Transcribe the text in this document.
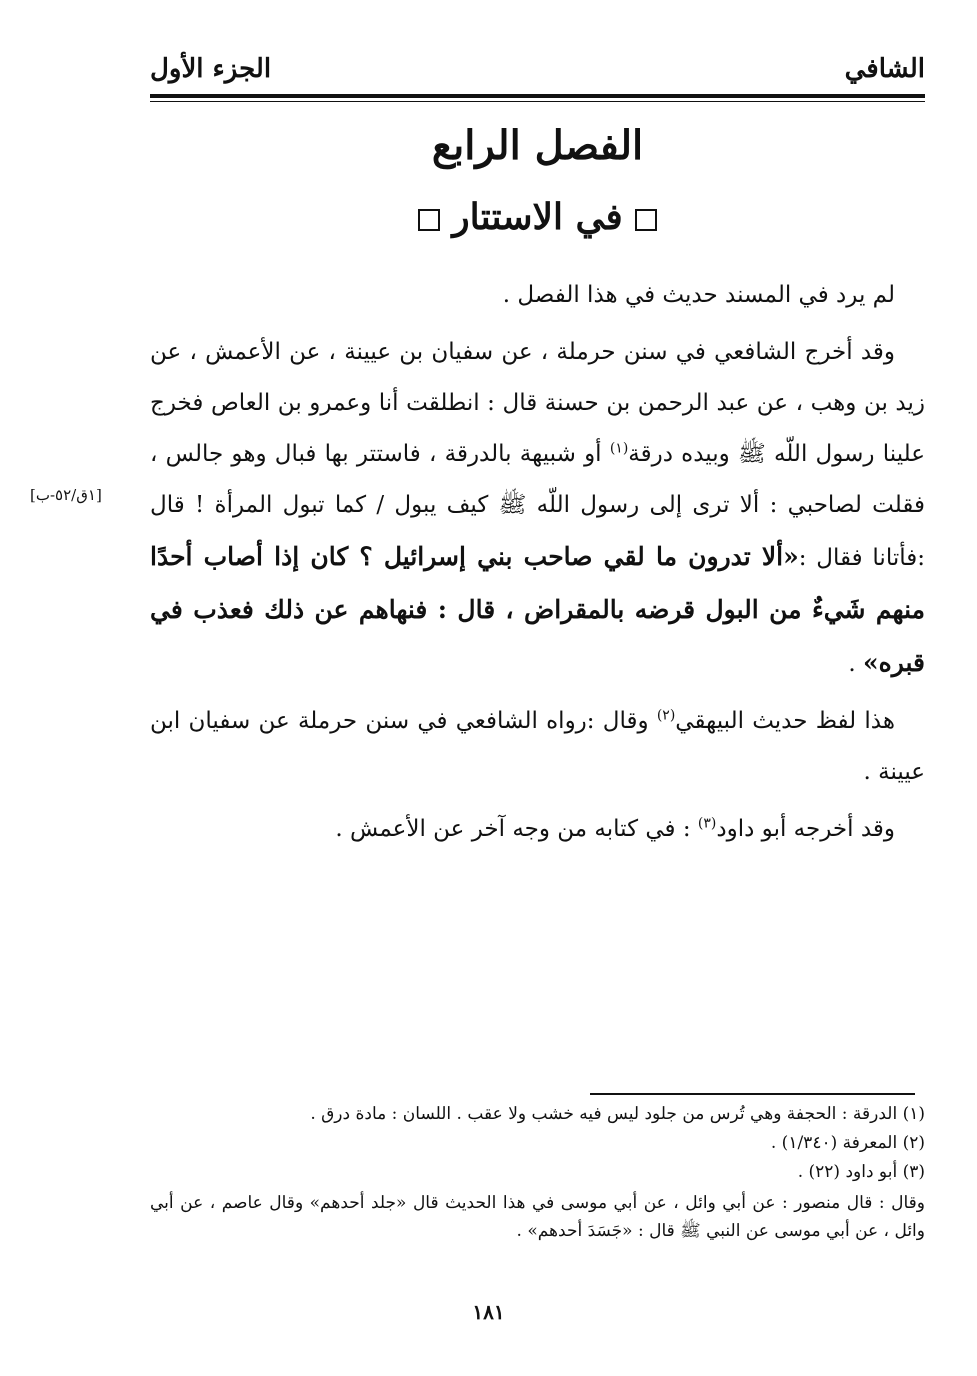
الشافي
الجزء الأول
الفصل الرابع
في الاستتار

لم يرد في المسند حديث في هذا الفصل .

وقد أخرج الشافعي في سنن حرملة ، عن سفيان بن عيينة ، عن الأعمش ، عن زيد بن وهب ، عن عبد الرحمن بن حسنة قال : انطلقت أنا وعمرو بن العاص فخرج علينا رسول اللّه ﷺ وبيده درقة$^{(١)}$ أو شبيهة بالدرقة ، فاستتر بها فبال وهو جالس ، فقلت لصاحبي : ألا ترى إلى رسول اللّه ﷺ كيف يبول / كما تبول المرأة ! قال :فأتانا فقال :«ألا تدرون ما لقي صاحب بني إسرائيل ؟ كان إذا أصاب أحدًا منهم شَيءٌ من البول قرضه بالمقراض ، قال : فنهاهم عن ذلك فعذب في قبره» .

هذا لفظ حديث البيهقي$^{(٢)}$ وقال :رواه الشافعي في سنن حرملة عن سفيان ابن عيينة .

وقد أخرجه أبو داود$^{(٣)}$ : في كتابه من وجه آخر عن الأعمش .

[١ق/٥٢-ب]

(١) الدرقة : الحجفة وهي تُرس من جلود ليس فيه خشب ولا عقب . اللسان : مادة درق .

(٢) المعرفة (١/٣٤٠) .

(٣) أبو داود (٢٢) .

وقال : قال منصور : عن أبي وائل ، عن أبي موسى في هذا الحديث قال «جلد أحدهم» وقال عاصم ، عن أبي وائل ، عن أبي موسى عن النبي ﷺ قال : «جَسَدَ أحدهم» .

١٨١
